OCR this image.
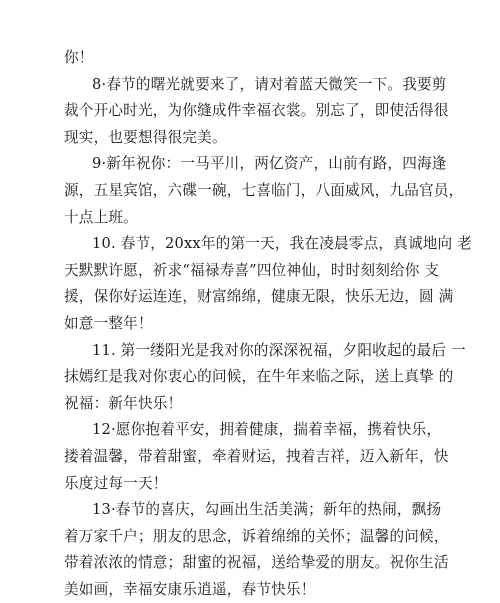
你！
8·春节的曙光就要来了，请对着蓝天微笑一下。我要剪
裁个开心时光，为你缝成件幸福衣裳。别忘了，即使活得很
现实，也要想得很完美。
9·新年祝你：一马平川，两亿资产，山前有路，四海逢
源，五星宾馆，六碟一碗，七喜临门，八面威风，九品官员，
十点上班。
10. 春节，20xx年的第一天，我在凌晨零点，真诚地向 老
天默默许愿，祈求“福禄寿喜”四位神仙，时时刻刻给你 支
援，保你好运连连，财富绵绵，健康无限，快乐无边，圆 满
如意一整年！
11. 第一缕阳光是我对你的深深祝福，夕阳收起的最后 一
抹嫣红是我对你衷心的问候，在牛年来临之际，送上真挚 的
祝福：新年快乐！
12·愿你抱着平安，拥着健康，揣着幸福，携着快乐，
搂着温馨，带着甜蜜，牵着财运，拽着吉祥，迈入新年，快
乐度过每一天！
13·春节的喜庆，勾画出生活美满；新年的热闹，飘扬
着万家千户；朋友的思念，诉着绵绵的关怀；温馨的问候，
带着浓浓的情意；甜蜜的祝福，送给挚爱的朋友。祝你生活
美如画，幸福安康乐逍遥，春节快乐！
